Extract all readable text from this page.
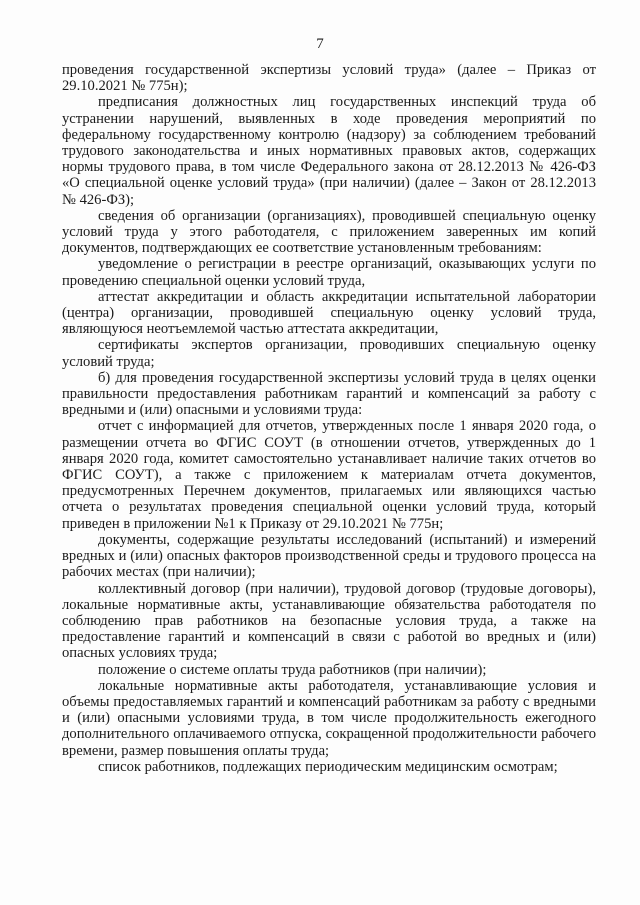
7

проведения государственной экспертизы условий труда» (далее – Приказ от 29.10.2021 № 775н);

предписания должностных лиц государственных инспекций труда об устранении нарушений, выявленных в ходе проведения мероприятий по федеральному государственному контролю (надзору) за соблюдением требований трудового законодательства и иных нормативных правовых актов, содержащих нормы трудового права, в том числе Федерального закона от 28.12.2013 № 426-ФЗ «О специальной оценке условий труда» (при наличии) (далее – Закон от 28.12.2013 № 426-ФЗ);

сведения об организации (организациях), проводившей специальную оценку условий труда у этого работодателя, с приложением заверенных им копий документов, подтверждающих ее соответствие установленным требованиям:

уведомление о регистрации в реестре организаций, оказывающих услуги по проведению специальной оценки условий труда,

аттестат аккредитации и область аккредитации испытательной лаборатории (центра) организации, проводившей специальную оценку условий труда, являющуюся неотъемлемой частью аттестата аккредитации,

сертификаты экспертов организации, проводивших специальную оценку условий труда;

б) для проведения государственной экспертизы условий труда в целях оценки правильности предоставления работникам гарантий и компенсаций за работу с вредными и (или) опасными и условиями труда:

отчет с информацией для отчетов, утвержденных после 1 января 2020 года, о размещении отчета во ФГИС СОУТ (в отношении отчетов, утвержденных до 1 января 2020 года, комитет самостоятельно устанавливает наличие таких отчетов во ФГИС СОУТ), а также с приложением к материалам отчета документов, предусмотренных Перечнем документов, прилагаемых или являющихся частью отчета о результатах проведения специальной оценки условий труда, который приведен в приложении №1 к Приказу от 29.10.2021 № 775н;

документы, содержащие результаты исследований (испытаний) и измерений вредных и (или) опасных факторов производственной среды и трудового процесса на рабочих местах (при наличии);

коллективный договор (при наличии), трудовой договор (трудовые договоры), локальные нормативные акты, устанавливающие обязательства работодателя по соблюдению прав работников на безопасные условия труда, а также на предоставление гарантий и компенсаций в связи с работой во вредных и (или) опасных условиях труда;

положение о системе оплаты труда работников (при наличии);

локальные нормативные акты работодателя, устанавливающие условия и объемы предоставляемых гарантий и компенсаций работникам за работу с вредными и (или) опасными условиями труда, в том числе продолжительность ежегодного дополнительного оплачиваемого отпуска, сокращенной продолжительности рабочего времени, размер повышения оплаты труда;

список работников, подлежащих периодическим медицинским осмотрам;
